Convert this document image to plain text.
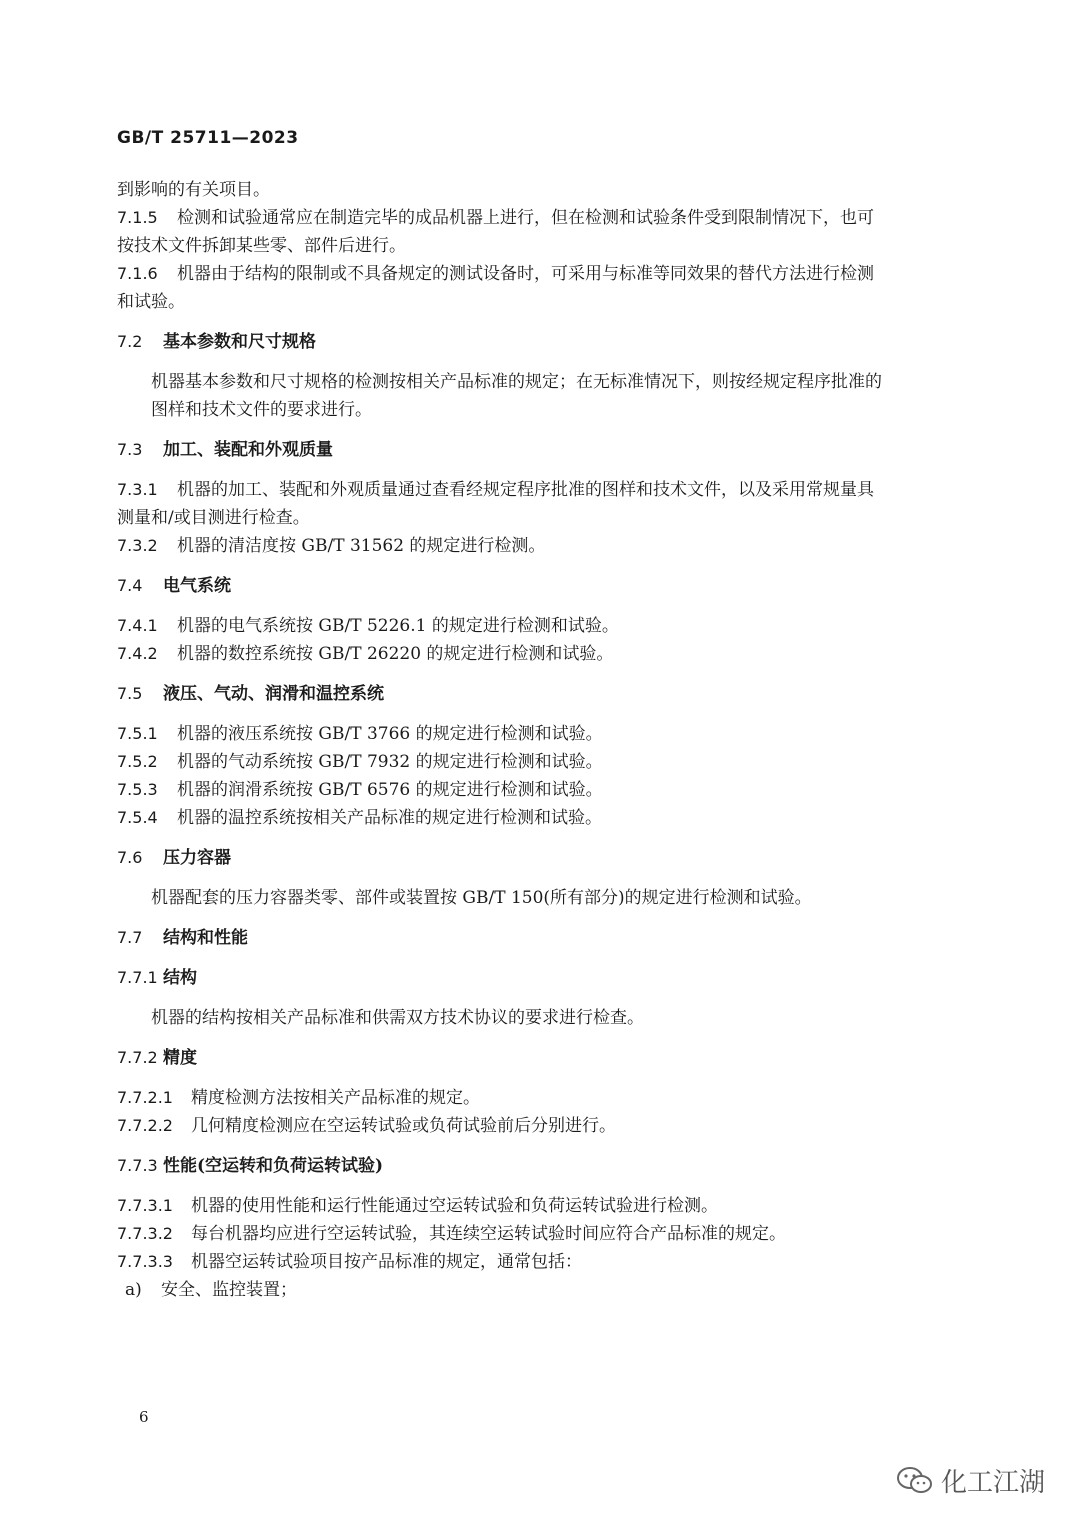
GB/T 25711—2023
到影响的有关项目。
7.1.5 检测和试验通常应在制造完毕的成品机器上进行，但在检测和试验条件受到限制情况下，也可
按技术文件拆卸某些零、部件后进行。
7.1.6 机器由于结构的限制或不具备规定的测试设备时，可采用与标准等同效果的替代方法进行检测
和试验。
7.2 基本参数和尺寸规格
机器基本参数和尺寸规格的检测按相关产品标准的规定；在无标准情况下，则按经规定程序批准的
图样和技术文件的要求进行。
7.3 加工、装配和外观质量
7.3.1 机器的加工、装配和外观质量通过查看经规定程序批准的图样和技术文件，以及采用常规量具
测量和/或目测进行检查。
7.3.2 机器的清洁度按 GB/T 31562 的规定进行检测。
7.4 电气系统
7.4.1 机器的电气系统按 GB/T 5226.1 的规定进行检测和试验。
7.4.2 机器的数控系统按 GB/T 26220 的规定进行检测和试验。
7.5 液压、气动、润滑和温控系统
7.5.1 机器的液压系统按 GB/T 3766 的规定进行检测和试验。
7.5.2 机器的气动系统按 GB/T 7932 的规定进行检测和试验。
7.5.3 机器的润滑系统按 GB/T 6576 的规定进行检测和试验。
7.5.4 机器的温控系统按相关产品标准的规定进行检测和试验。
7.6 压力容器
机器配套的压力容器类零、部件或装置按 GB/T 150(所有部分)的规定进行检测和试验。
7.7 结构和性能
7.7.1 结构
机器的结构按相关产品标准和供需双方技术协议的要求进行检查。
7.7.2 精度
7.7.2.1 精度检测方法按相关产品标准的规定。
7.7.2.2 几何精度检测应在空运转试验或负荷试验前后分别进行。
7.7.3 性能(空运转和负荷运转试验)
7.7.3.1 机器的使用性能和运行性能通过空运转试验和负荷运转试验进行检测。
7.7.3.2 每台机器均应进行空运转试验，其连续空运转试验时间应符合产品标准的规定。
7.7.3.3 机器空运转试验项目按产品标准的规定，通常包括：
a) 安全、监控装置；
6
化工江湖
